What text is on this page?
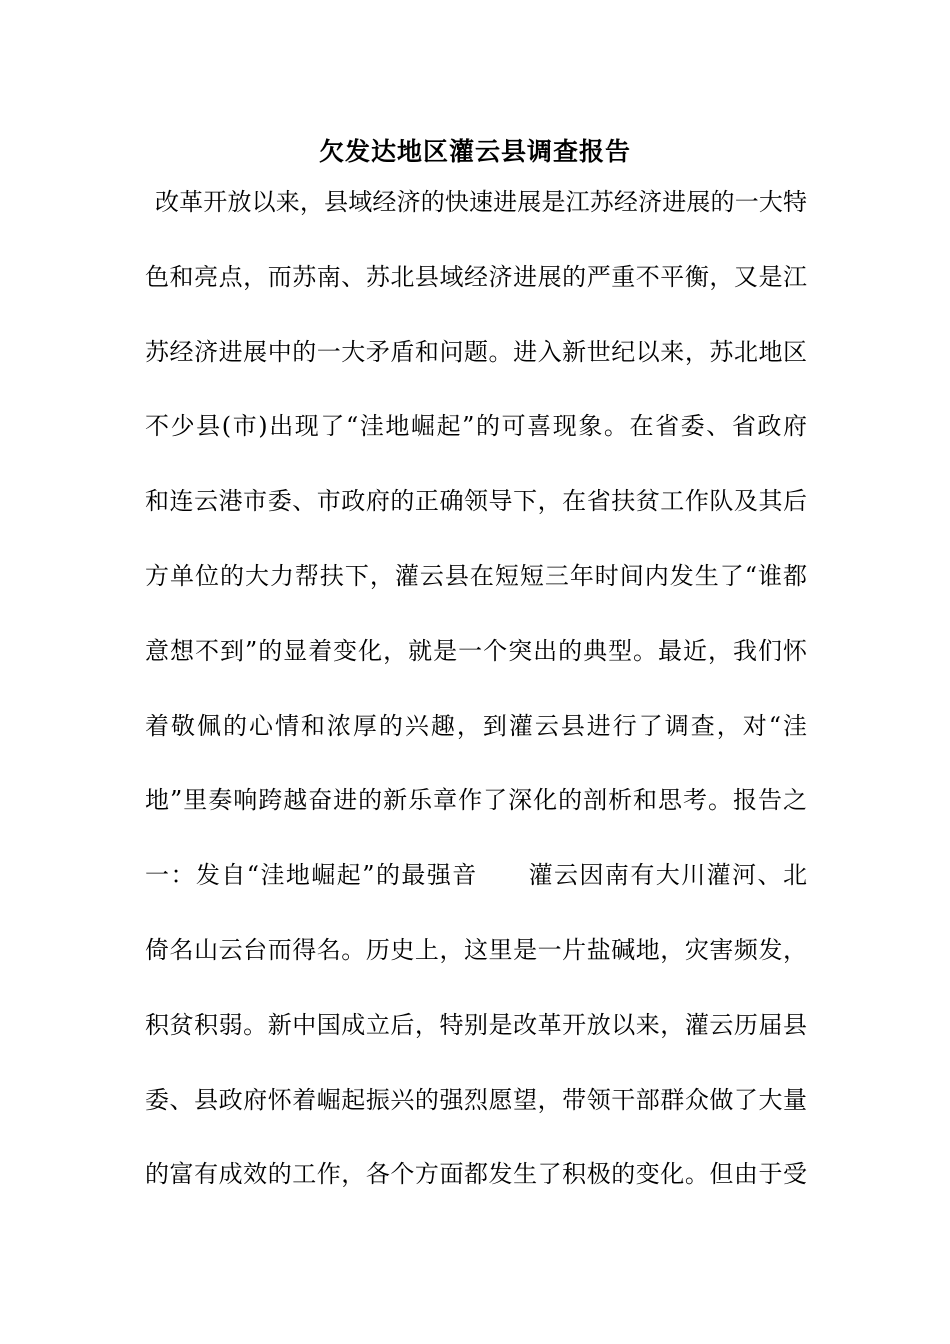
欠发达地区灌云县调查报告
改革开放以来，县域经济的快速进展是江苏经济进展的一大特
色和亮点，而苏南、苏北县域经济进展的严重不平衡，又是江
苏经济进展中的一大矛盾和问题。进入新世纪以来，苏北地区
不少县(市)出现了“洼地崛起”的可喜现象。在省委、省政府
和连云港市委、市政府的正确领导下，在省扶贫工作队及其后
方单位的大力帮扶下，灌云县在短短三年时间内发生了“谁都
意想不到”的显着变化，就是一个突出的典型。最近，我们怀
着敬佩的心情和浓厚的兴趣，到灌云县进行了调查，对“洼
地”里奏响跨越奋进的新乐章作了深化的剖析和思考。报告之
一：发自“洼地崛起”的最强音　　灌云因南有大川灌河、北
倚名山云台而得名。历史上，这里是一片盐碱地，灾害频发，
积贫积弱。新中国成立后，特别是改革开放以来，灌云历届县
委、县政府怀着崛起振兴的强烈愿望，带领干部群众做了大量
的富有成效的工作，各个方面都发生了积极的变化。但由于受
